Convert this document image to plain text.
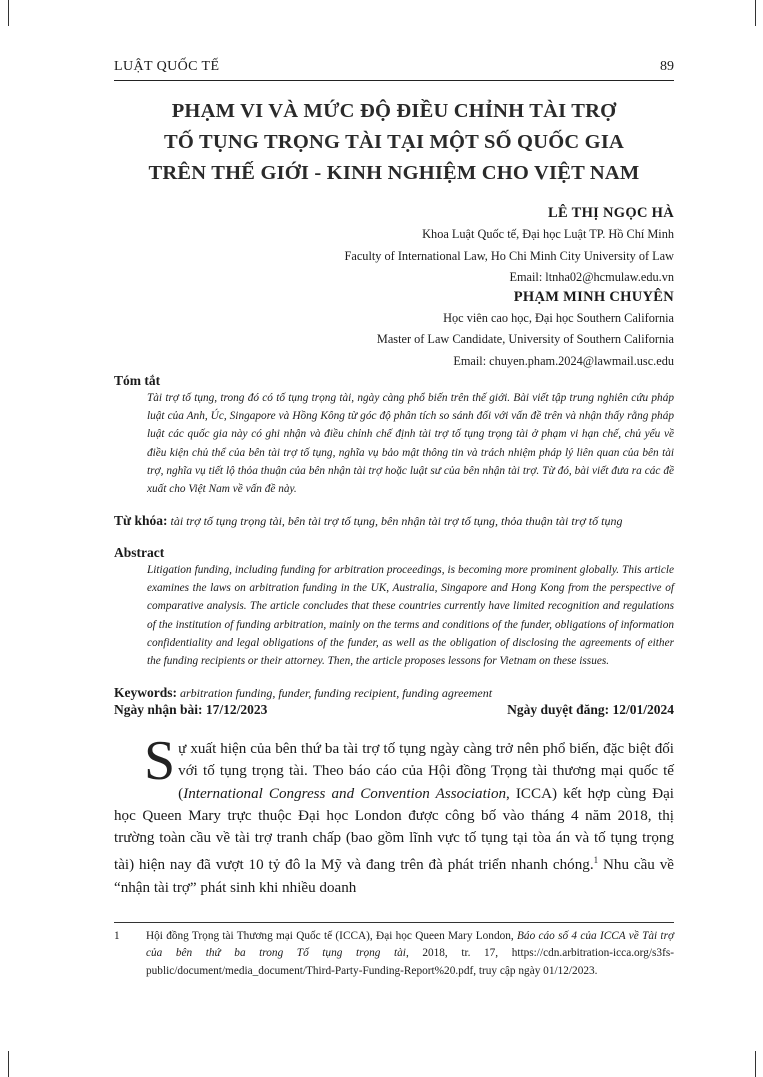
LUẬT QUỐC TẾ	89
PHẠM VI VÀ MỨC ĐỘ ĐIỀU CHỈNH TÀI TRỢ
TỐ TỤNG TRỌNG TÀI TẠI MỘT SỐ QUỐC GIA
TRÊN THẾ GIỚI - KINH NGHIỆM CHO VIỆT NAM
LÊ THỊ NGỌC HÀ
Khoa Luật Quốc tế, Đại học Luật TP. Hồ Chí Minh
Faculty of International Law, Ho Chi Minh City University of Law
Email: ltnha02@hcmulaw.edu.vn
PHẠM MINH CHUYÊN
Học viên cao học, Đại học Southern California
Master of Law Candidate, University of Southern California
Email: chuyen.pham.2024@lawmail.usc.edu
Tóm tắt
Tài trợ tố tụng, trong đó có tố tụng trọng tài, ngày càng phổ biến trên thế giới. Bài viết tập trung nghiên cứu pháp luật của Anh, Úc, Singapore và Hồng Kông từ góc độ phân tích so sánh đối với vấn đề trên và nhận thấy rằng pháp luật các quốc gia này có ghi nhận và điều chỉnh chế định tài trợ tố tụng trọng tài ở phạm vi hạn chế, chủ yếu về điều kiện chủ thể của bên tài trợ tố tụng, nghĩa vụ bảo mật thông tin và trách nhiệm pháp lý liên quan của bên tài trợ, nghĩa vụ tiết lộ thỏa thuận của bên nhận tài trợ hoặc luật sư của bên nhận tài trợ. Từ đó, bài viết đưa ra các đề xuất cho Việt Nam về vấn đề này.
Từ khóa: tài trợ tố tụng trọng tài, bên tài trợ tố tụng, bên nhận tài trợ tố tụng, thỏa thuận tài trợ tố tụng
Abstract
Litigation funding, including funding for arbitration proceedings, is becoming more prominent globally. This article examines the laws on arbitration funding in the UK, Australia, Singapore and Hong Kong from the perspective of comparative analysis. The article concludes that these countries currently have limited recognition and regulations of the institution of funding arbitration, mainly on the terms and conditions of the funder, obligations of information confidentiality and legal obligations of the funder, as well as the obligation of disclosing the agreements of either the funding recipients or their attorney. Then, the article proposes lessons for Vietnam on these issues.
Keywords: arbitration funding, funder, funding recipient, funding agreement
Ngày nhận bài: 17/12/2023	Ngày duyệt đăng: 12/01/2024
Sự xuất hiện của bên thứ ba tài trợ tố tụng ngày càng trở nên phổ biến, đặc biệt đối với tố tụng trọng tài. Theo báo cáo của Hội đồng Trọng tài thương mại quốc tế (International Congress and Convention Association, ICCA) kết hợp cùng Đại học Queen Mary trực thuộc Đại học London được công bố vào tháng 4 năm 2018, thị trường toàn cầu về tài trợ tranh chấp (bao gồm lĩnh vực tố tụng tại tòa án và tố tụng trọng tài) hiện nay đã vượt 10 tỷ đô la Mỹ và đang trên đà phát triển nhanh chóng.$^1$ Nhu cầu về “nhận tài trợ” phát sinh khi nhiều doanh
1 Hội đồng Trọng tài Thương mại Quốc tế (ICCA), Đại học Queen Mary London, Báo cáo số 4 của ICCA về Tài trợ của bên thứ ba trong Tố tụng trọng tài, 2018, tr. 17, https://cdn.arbitration-icca.org/s3fs-public/document/media_document/Third-Party-Funding-Report%20.pdf, truy cập ngày 01/12/2023.
